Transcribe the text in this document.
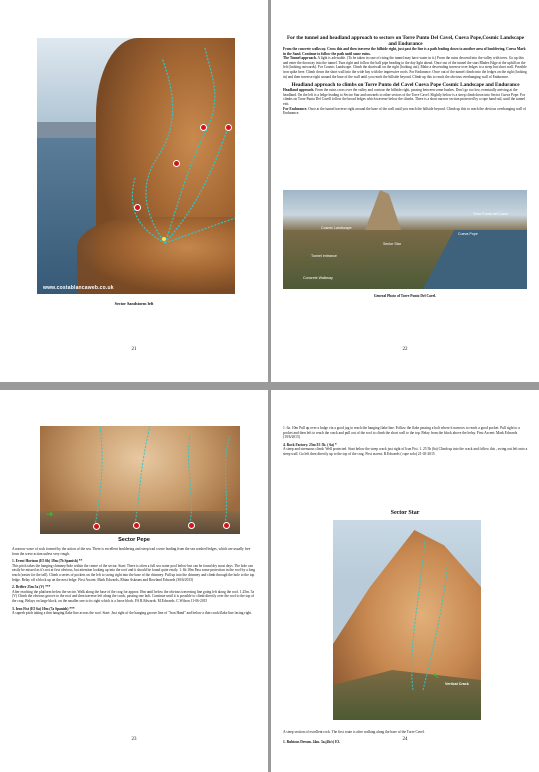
www.costablancaweb.co.uk
Sector Sandstorm left
21

For the tunnel and headland approach to sectors on Torre Punto Del Cavel, Cueva Pope,Cosmic Landscape and Endurance

From the concrete walkway. Cross this and then traverse the hillside right, just past the line is a path leading down to another area of bouldering. Cueva Mark in the Sand. Continue to follow the path until some ruins.

The Tunnel approach. A light is advisable. (To be taken in case of rising the tunnel may have water in it.) From the ruins descend into the valley with trees. Go up this and enter the doorway into the tunnel. Turn right and follow the half pipe heading to the day light ahead. Once out of the tunnel the start Blades Edge at the uphill on the left (looking outwards). For Cosmic Landscape. Climb the shortwall on the right (looking out). Make a descending traverse over ledges to a steep but short wall. Possible iron spike here. Climb down the short wall into the wide bay with the impressive roofs. For Endurance. Once out of the tunnel climb onto the ledges on the right (looking in) and then traverse right around the base of the wall until you reach the hillside beyond. Climb up this to reach the obvious overhanging wall of Endurance.

Headland approach to climbs on Torre Punto del Cavel Cueva Pope Cosmic Landscape and Endurance

Headland approach. From the ruins cross over the valley and contour the hillside right, passing between some bushes. Don't go too low, eventually arriving at the headland. On the left is a ledge leading to Sector Star and onwards to other sectors of the Torre Cavel. Slightly below is a steep climb down into Sector Cueva Pope. For climbs on Torre Punta Del Cavell follow the broad ledges which traverse below the climbs. There is a short narrow section protected by a rope hand rail, until the tunnel exit.

For Endurance. Once at the tunnel traverse right around the base of the wall until you reach the hillside beyond. Climb up this to reach the obvious overhanging wall of Endurance.

Torre Punta del Cavel
Cueva Pope
Cosmic Landscape
Sector Star
Tunnel entrance
Concrete Walkway
General Photo of Torre Punto Del Cavel.
22
➜
Sector Pepe

A narrow wave of rock formed by the action of the sea. There is excellent bouldering and steep trad crowe leading from the sea washed ledges, which are usually free from the wave action unless very rough.

1. Event Horizon (E5 6b) 18m (7b Spanish) **

This pitch takes the hanging chimney/hole within the centre of the sector. Start: There is often a full sea water pool below but can be found dry most days. The hole can easily be missed as it's not at first obvious, but attention looking up into the roof and it should be found quite easily. 1. 6b 18m Pass some protection in the roof by a long reach (easier for the tall). Climb a series of pockets on the left to swing right into the base of the chimney. Pull up into the chimney and climb through the hole to the top ledge. Belay off a block up on the next ledge. First Ascent: Mark Edwards, Rhian Askeans and Rowland Edwards (30/6/2015)

2. Drifter 25m 5a (V) ***

After reaching the platform below the sector. Walk along the base of the crag for approx 10m until below the obvious traversing line going left along the roof. 1.25m. 5a (V) Climb the obvious groove to the roof and then traverse left along the crack, passing one bolt. Continue until it is possible to climb directly over the roof to the top of the crag. Belays on large block, on the smaller one to its right which is a loose block. FA R.Edwards. M.Edwards. C.Wilson 11-06-2015

3. Iron Fist (E5 6a) 10m (7a Spanish) ***

A superb pitch taking a thin hanging flake line across the roof. Start: Just right of the hanging groove line of "Iron Hand" and below a thin crack/flake line facing right.

23

1. 6a. 10m Pull up over a bulge via a good jug to reach the hanging flake line. Follow the flake passing a bolt where it narrows to reach a good pocket. Pull right to a pocket and then left to reach the crack and pull out of the roof to climb the short wall to the top. Belay from the block above the belay. First Ascent: Mark Edwards (19/6/2015)

4. Rock Factory. 25m E1 5b. ( 6a) *

A steep and strenuous climb. Well protected. Start below the steep crack just right of Iron Fist. 1. 25 5b (6a) Climb up into the crack and follow this , swing out left onto a steep wall. Go left then directly up to the top of the crag. First ascent: R.Edwards ( rope solo) 21-03-2015

Sector Star
↖
Vertical Crack
A steep section of excellent rock. The first route is after walking along the base of the Torre Cavel.
1. Rubious Dream. 24m. 5a,(4b/c) E3.	24
